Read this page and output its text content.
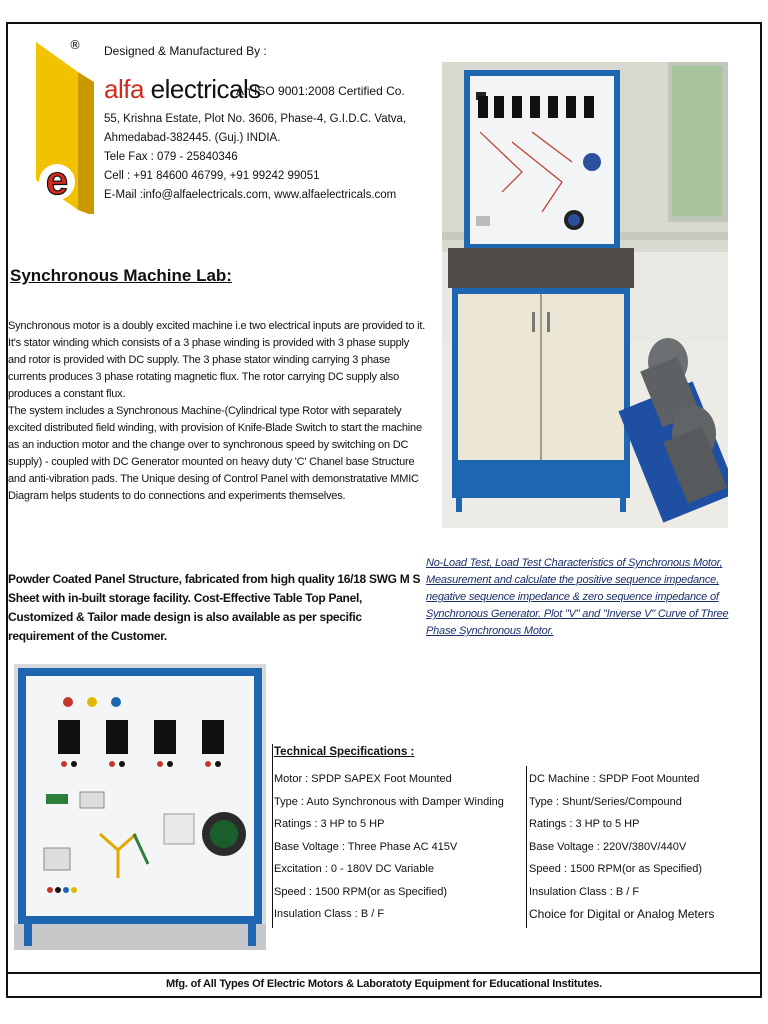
e
® Designed & Manufactured By :
alfa electricals
An ISO 9001:2008 Certified Co.
55, Krishna Estate, Plot No. 3606, Phase-4, G.I.D.C. Vatva,
Ahmedabad-382445. (Guj.) INDIA.
Tele Fax : 079 - 25840346
Cell : +91 84600 46799, +91 99242 99051
E-Mail :info@alfaelectricals.com, www.alfaelectricals.com
Synchronous Machine Lab:
Synchronous motor is a doubly excited machine i.e two electrical inputs are provided to it. It's stator winding which consists of a 3 phase winding is provided with 3 phase supply and rotor is provided with DC supply. The 3 phase stator winding carrying 3 phase currents produces 3 phase rotating magnetic flux. The rotor carrying DC supply also produces a constant flux.
The system includes a Synchronous Machine-(Cylindrical type Rotor with separately excited distributed field winding, with provision of Knife-Blade Switch to start the machine as an induction motor and the change over to synchronous speed by switching on DC supply) - coupled with DC Generator mounted on heavy duty 'C' Chanel base Structure and anti-vibration pads. The Unique desing of Control Panel with demonstratative MMIC Diagram helps students to do connections and experiments themselves.
No-Load Test, Load Test Characteristics of Synchronous Motor, Measurement and calculate the positive sequence impedance, negative sequence impedance & zero sequence impedance of Synchronous Generator. Plot "V" and "Inverse V" Curve of Three Phase Synchronous Motor.
Powder Coated Panel Structure, fabricated from high quality 16/18 SWG M S Sheet with in-built storage facility. Cost-Effective Table Top Panel, Customized & Tailor made design is also available as per specific requirement of the Customer.
Technical Specifications :
Motor : SPDP SAPEX Foot Mounted
Type : Auto Synchronous with Damper Winding
Ratings : 3 HP to 5 HP
Base Voltage : Three Phase AC 415V
Excitation : 0 - 180V DC Variable
Speed : 1500 RPM(or as Specified)
Insulation Class : B / F
DC Machine : SPDP Foot Mounted
Type : Shunt/Series/Compound
Ratings : 3 HP to 5 HP
Base Voltage : 220V/380V/440V
Speed : 1500 RPM(or as Specified)
Insulation Class : B / F
Choice for Digital or Analog Meters
Mfg. of All Types Of Electric Motors & Laboratoty Equipment for Educational Institutes.
